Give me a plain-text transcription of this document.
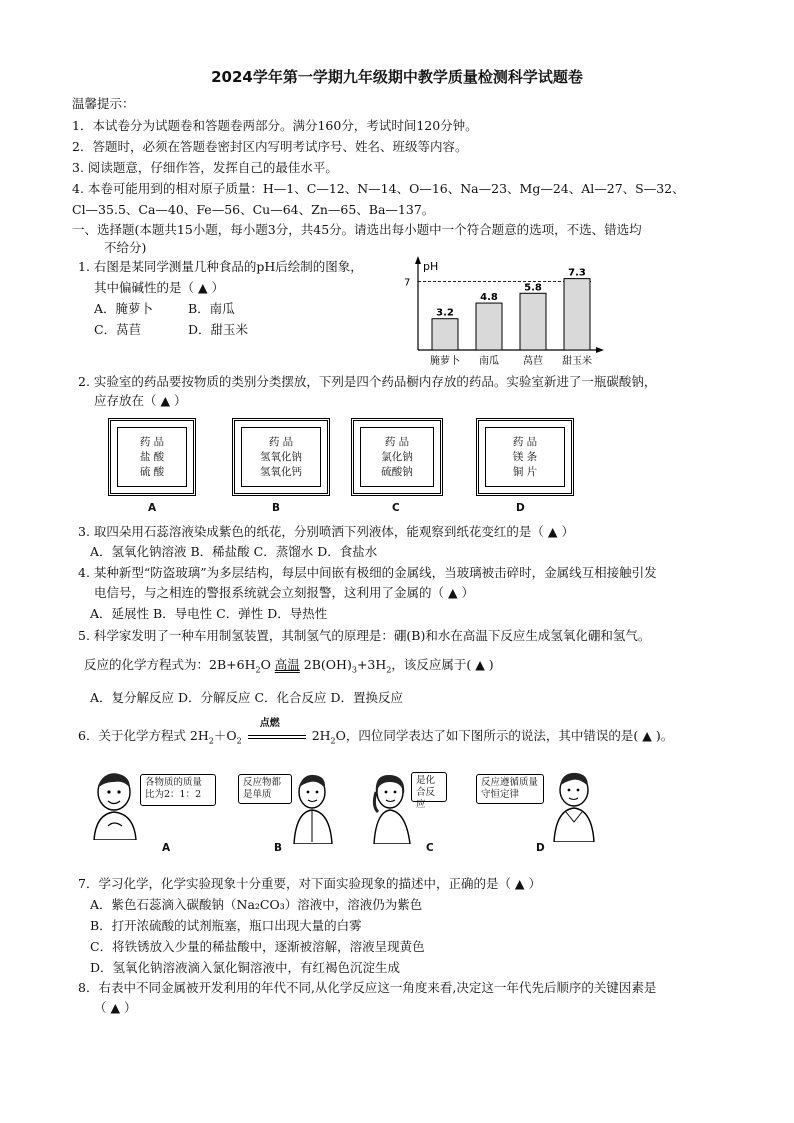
2024学年第一学期九年级期中教学质量检测科学试题卷
温馨提示：
1．本试卷分为试题卷和答题卷两部分。满分160分，考试时间120分钟。
2．答题时，必须在答题卷密封区内写明考试序号、姓名、班级等内容。
3. 阅读题意，仔细作答，发挥自己的最佳水平。
4. 本卷可能用到的相对原子质量：H—1、C—12、N—14、O—16、Na—23、Mg—24、Al—27、S—32、
Cl—35.5、Ca—40、Fe—56、Cu—64、Zn—65、Ba—137。
一、选择题(本题共15小题，每小题3分，共45分。请选出每小题中一个符合题意的选项，不选、错选均
不给分)
1. 右图是某同学测量几种食品的pH后绘制的图象，
其中偏碱性的是（ ▲ ）
A．腌萝卜	B．南瓜
C．莴苣	D．甜玉米
pH
7
3.2
腌萝卜
4.8
南瓜
5.8
莴苣
7.3
甜玉米
2. 实验室的药品要按物质的类别分类摆放，下列是四个药品橱内存放的药品。实验室新进了一瓶碳酸钠，
应存放在（ ▲ ）
药 品
盐 酸
硫 酸
A
药 品
氢氧化钠
氢氧化钙
B
药 品
氯化钠
硫酸钠
C
药 品
镁 条
铜 片
D
3. 取四朵用石蕊溶液染成紫色的纸花，分别喷洒下列液体，能观察到纸花变红的是（ ▲ ）
A．氢氧化钠溶液 B．稀盐酸 C．蒸馏水 D．食盐水
4. 某种新型“防盗玻璃”为多层结构，每层中间嵌有极细的金属线，当玻璃被击碎时，金属线互相接触引发
电信号，与之相连的警报系统就会立刻报警，这利用了金属的（ ▲ ）
A．延展性 B．导电性 C．弹性 D．导热性
5. 科学家发明了一种车用制氢装置，其制氢气的原理是：硼(B)和水在高温下反应生成氢氧化硼和氢气。
反应的化学方程式为：$2B+6H_2O$ 高温 $2B(OH)_3+3H_2$，该反应属于( ▲ )
A．复分解反应 D．分解反应 C．化合反应 D．置换反应
6．关于化学方程式 $2H_2+O_2$
点燃
$2H_2O$，四位同学表达了如下图所示的说法，其中错误的是( ▲ )。
各物质的质量比为2：1：2
A
反应物都是单质
B
是化合反应
C
反应遵循质量守恒定律
D
7．学习化学，化学实验现象十分重要，对下面实验现象的描述中，正确的是（ ▲ ）
A．紫色石蕊滴入碳酸钠（Na₂CO₃）溶液中，溶液仍为紫色
B．打开浓硫酸的试剂瓶塞，瓶口出现大量的白雾
C．将铁锈放入少量的稀盐酸中，逐渐被溶解，溶液呈现黄色
D．氢氧化钠溶液滴入氯化铜溶液中，有红褐色沉淀生成
8．右表中不同金属被开发利用的年代不同,从化学反应这一角度来看,决定这一年代先后顺序的关键因素是
（ ▲ ）
